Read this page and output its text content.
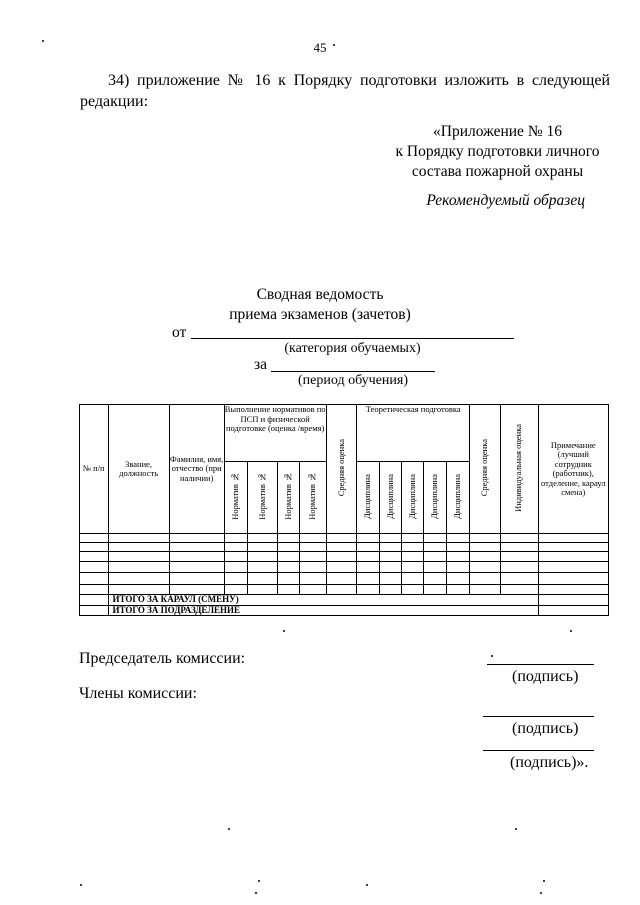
45
34) приложение № 16 к Порядку подготовки изложить в следующей редакции:
«Приложение № 16
к Порядку подготовки личного
состава пожарной охраны
Рекомендуемый образец
Сводная ведомость
приема экзаменов (зачетов)
от
(категория обучаемых)
за
(период обучения)
№ п/п	Звание, должность	Фамилия, имя, отчество (при наличии)	Выполнение нормативов по ПСП и физической подготовке (оценка /время)				Средняя оценка	Теоретическая подготовка					Средняя оценка	Индивидуальная оценка	Примечание (лучший сотрудник (работник), отделение, караул смена)
			Норматив №	Норматив №	Норматив №	Норматив №		Дисциплина	Дисциплина	Дисциплина	Дисциплина	Дисциплина			

	ИТОГО ЗА КАРАУЛ (СМЕНУ)														
	ИТОГО ЗА ПОДРАЗДЕЛЕНИЕ														
Председатель комиссии:
(подпись)
Члены комиссии:
(подпись)
(подпись)».
